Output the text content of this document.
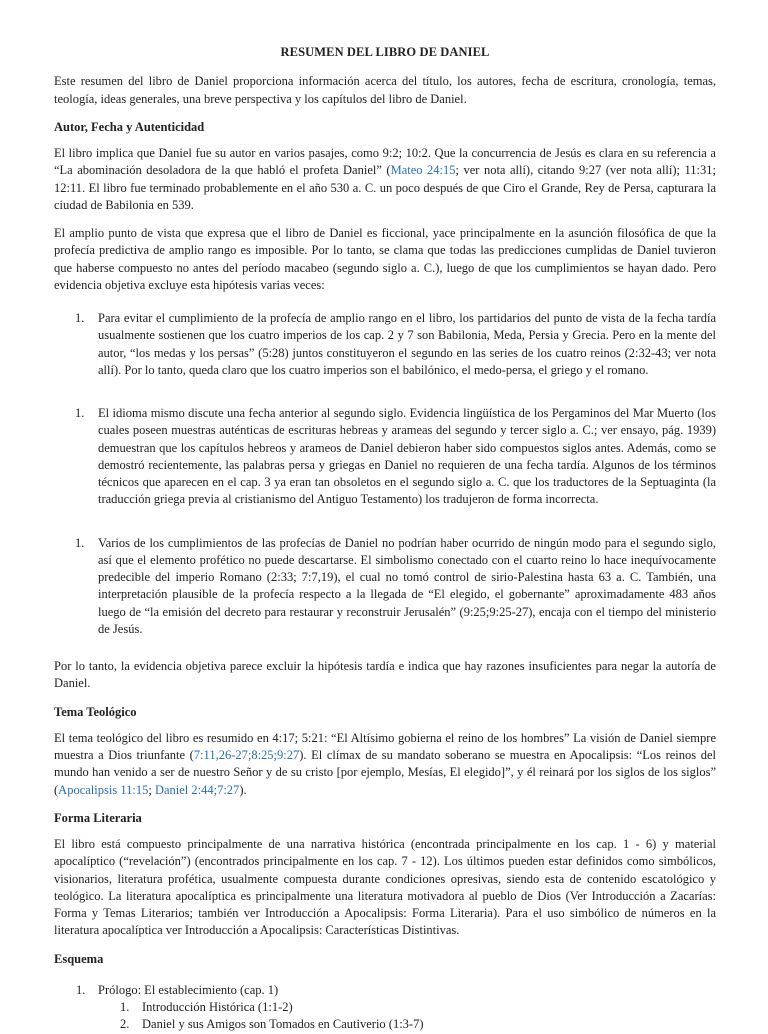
RESUMEN DEL LIBRO DE DANIEL

Este resumen del libro de Daniel proporciona información acerca del título, los autores, fecha de escritura, cronología, temas, teología, ideas generales, una breve perspectiva y los capítulos del libro de Daniel.

Autor, Fecha y Autenticidad

El libro implica que Daniel fue su autor en varios pasajes, como 9:2; 10:2. Que la concurrencia de Jesús es clara en su referencia a “La abominación desoladora de la que habló el profeta Daniel” (Mateo 24:15; ver nota allí), citando 9:27 (ver nota allí); 11:31; 12:11. El libro fue terminado probablemente en el año 530 a. C. un poco después de que Ciro el Grande, Rey de Persa, capturara la ciudad de Babilonia en 539.

El amplio punto de vista que expresa que el libro de Daniel es ficcional, yace principalmente en la asunción filosófica de que la profecía predictiva de amplio rango es imposible. Por lo tanto, se clama que todas las predicciones cumplidas de Daniel tuvieron que haberse compuesto no antes del período macabeo (segundo siglo a. C.), luego de que los cumplimientos se hayan dado. Pero evidencia objetiva excluye esta hipótesis varias veces:

1.	Para evitar el cumplimiento de la profecía de amplio rango en el libro, los partidarios del punto de vista de la fecha tardía usualmente sostienen que los cuatro imperios de los cap. 2 y 7 son Babilonia, Meda, Persia y Grecia. Pero en la mente del autor, “los medas y los persas” (5:28) juntos constituyeron el segundo en las series de los cuatro reinos (2:32-43; ver nota allí). Por lo tanto, queda claro que los cuatro imperios son el babilónico, el medo-persa, el griego y el romano.
1.	El idioma mismo discute una fecha anterior al segundo siglo. Evidencia lingüística de los Pergaminos del Mar Muerto (los cuales poseen muestras auténticas de escrituras hebreas y arameas del segundo y tercer siglo a. C.; ver ensayo, pág. 1939) demuestran que los capítulos hebreos y arameos de Daniel debieron haber sido compuestos siglos antes. Además, como se demostró recientemente, las palabras persa y griegas en Daniel no requieren de una fecha tardía. Algunos de los términos técnicos que aparecen en el cap. 3 ya eran tan obsoletos en el segundo siglo a. C. que los traductores de la Septuaginta (la traducción griega previa al cristianismo del Antiguo Testamento) los tradujeron de forma incorrecta.
1.	Varios de los cumplimientos de las profecías de Daniel no podrían haber ocurrido de ningún modo para el segundo siglo, así que el elemento profético no puede descartarse. El simbolismo conectado con el cuarto reino lo hace inequívocamente predecible del imperio Romano (2:33; 7:7,19), el cual no tomó control de sirio-Palestina hasta 63 a. C. También, una interpretación plausible de la profecía respecto a la llegada de “El elegido, el gobernante” aproximadamente 483 años luego de “la emisión del decreto para restaurar y reconstruir Jerusalén” (9:25;9:25-27), encaja con el tiempo del ministerio de Jesús.

Por lo tanto, la evidencia objetiva parece excluir la hipótesis tardía e indica que hay razones insuficientes para negar la autoría de Daniel.

Tema Teológico

El tema teológico del libro es resumido en 4:17; 5:21: “El Altísimo gobierna el reino de los hombres” La visión de Daniel siempre muestra a Dios triunfante (7:11,26-27;8:25;9:27). El clímax de su mandato soberano se muestra en Apocalipsis: “Los reinos del mundo han venido a ser de nuestro Señor y de su cristo [por ejemplo, Mesías, El elegido]”, y él reinará por los siglos de los siglos” (Apocalipsis 11:15; Daniel 2:44;7:27).

Forma Literaria

El libro está compuesto principalmente de una narrativa histórica (encontrada principalmente en los cap. 1 - 6) y material apocalíptico (“revelación”) (encontrados principalmente en los cap. 7 - 12). Los últimos pueden estar definidos como simbólicos, visionarios, literatura profética, usualmente compuesta durante condiciones opresivas, siendo esta de contenido escatológico y teológico. La literatura apocalíptica es principalmente una literatura motivadora al pueblo de Dios (Ver Introducción a Zacarías: Forma y Temas Literarios; también ver Introducción a Apocalipsis: Forma Literaria). Para el uso simbólico de números en la literatura apocalíptica ver Introducción a Apocalipsis: Características Distintivas.

Esquema
1.	Prólogo: El establecimiento (cap. 1)
1.	Introducción Histórica (1:1-2)
2.	Daniel y sus Amigos son Tomados en Cautiverio (1:3-7)
